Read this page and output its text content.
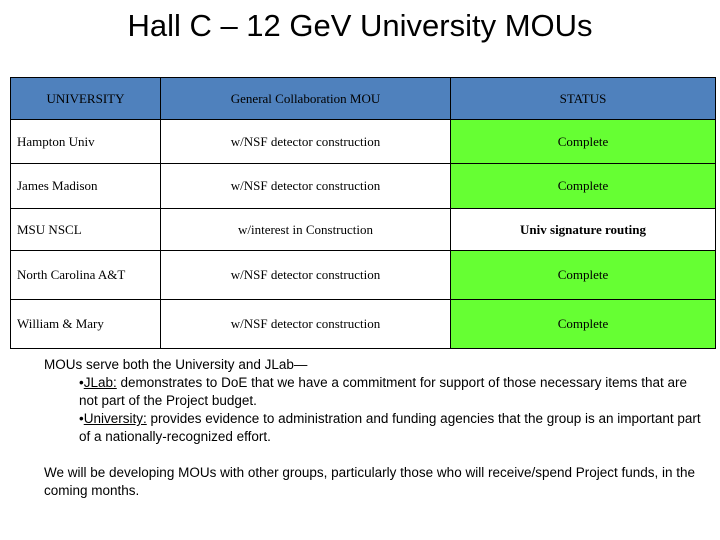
Hall C – 12 GeV University MOUs
UNIVERSITY	General Collaboration MOU	STATUS
Hampton Univ	w/NSF detector construction	Complete
James Madison	w/NSF detector construction	Complete
MSU NSCL	w/interest in Construction	Univ signature routing
North Carolina A&T	w/NSF detector construction	Complete
William & Mary	w/NSF detector construction	Complete

MOUs serve both the University and JLab—

•JLab: demonstrates to DoE that we have a commitment for support of those necessary items that are not part of the Project budget.

•University: provides evidence to administration and funding agencies that the group is an important part of a nationally-recognized effort.

We will be developing MOUs with other groups, particularly those who will receive/spend Project funds, in the coming months.
